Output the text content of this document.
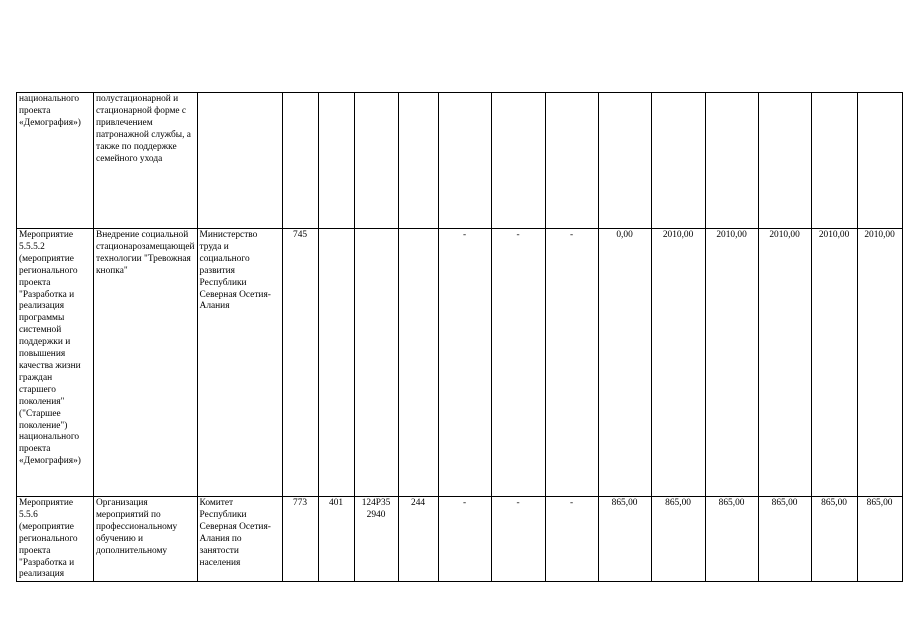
национального проекта «Демография»)	полустационарной и стационарной форме с привлечением патронажной службы, а также по поддержке семейного ухода														
Мероприятие 5.5.5.2 (мероприятие регионального проекта "Разработка и реализация программы системной поддержки и повышения качества жизни граждан старшего поколения" ("Старшее поколение") национального проекта «Демография»)	Внедрение социальной стационарозамещающей технологии "Тревожная кнопка"	Министерство труда и социального развития Республики Северная Осетия-Алания	745				-	-	-	0,00	2010,00	2010,00	2010,00	2010,00	2010,00
Мероприятие 5.5.6 (мероприятие регионального проекта "Разработка и реализация	Организация мероприятий по профессиональному обучению и дополнительному	Комитет Республики Северная Осетия-Алания по занятости населения	773	401	124P35 2940	244	-	-	-	865,00	865,00	865,00	865,00	865,00	865,00
